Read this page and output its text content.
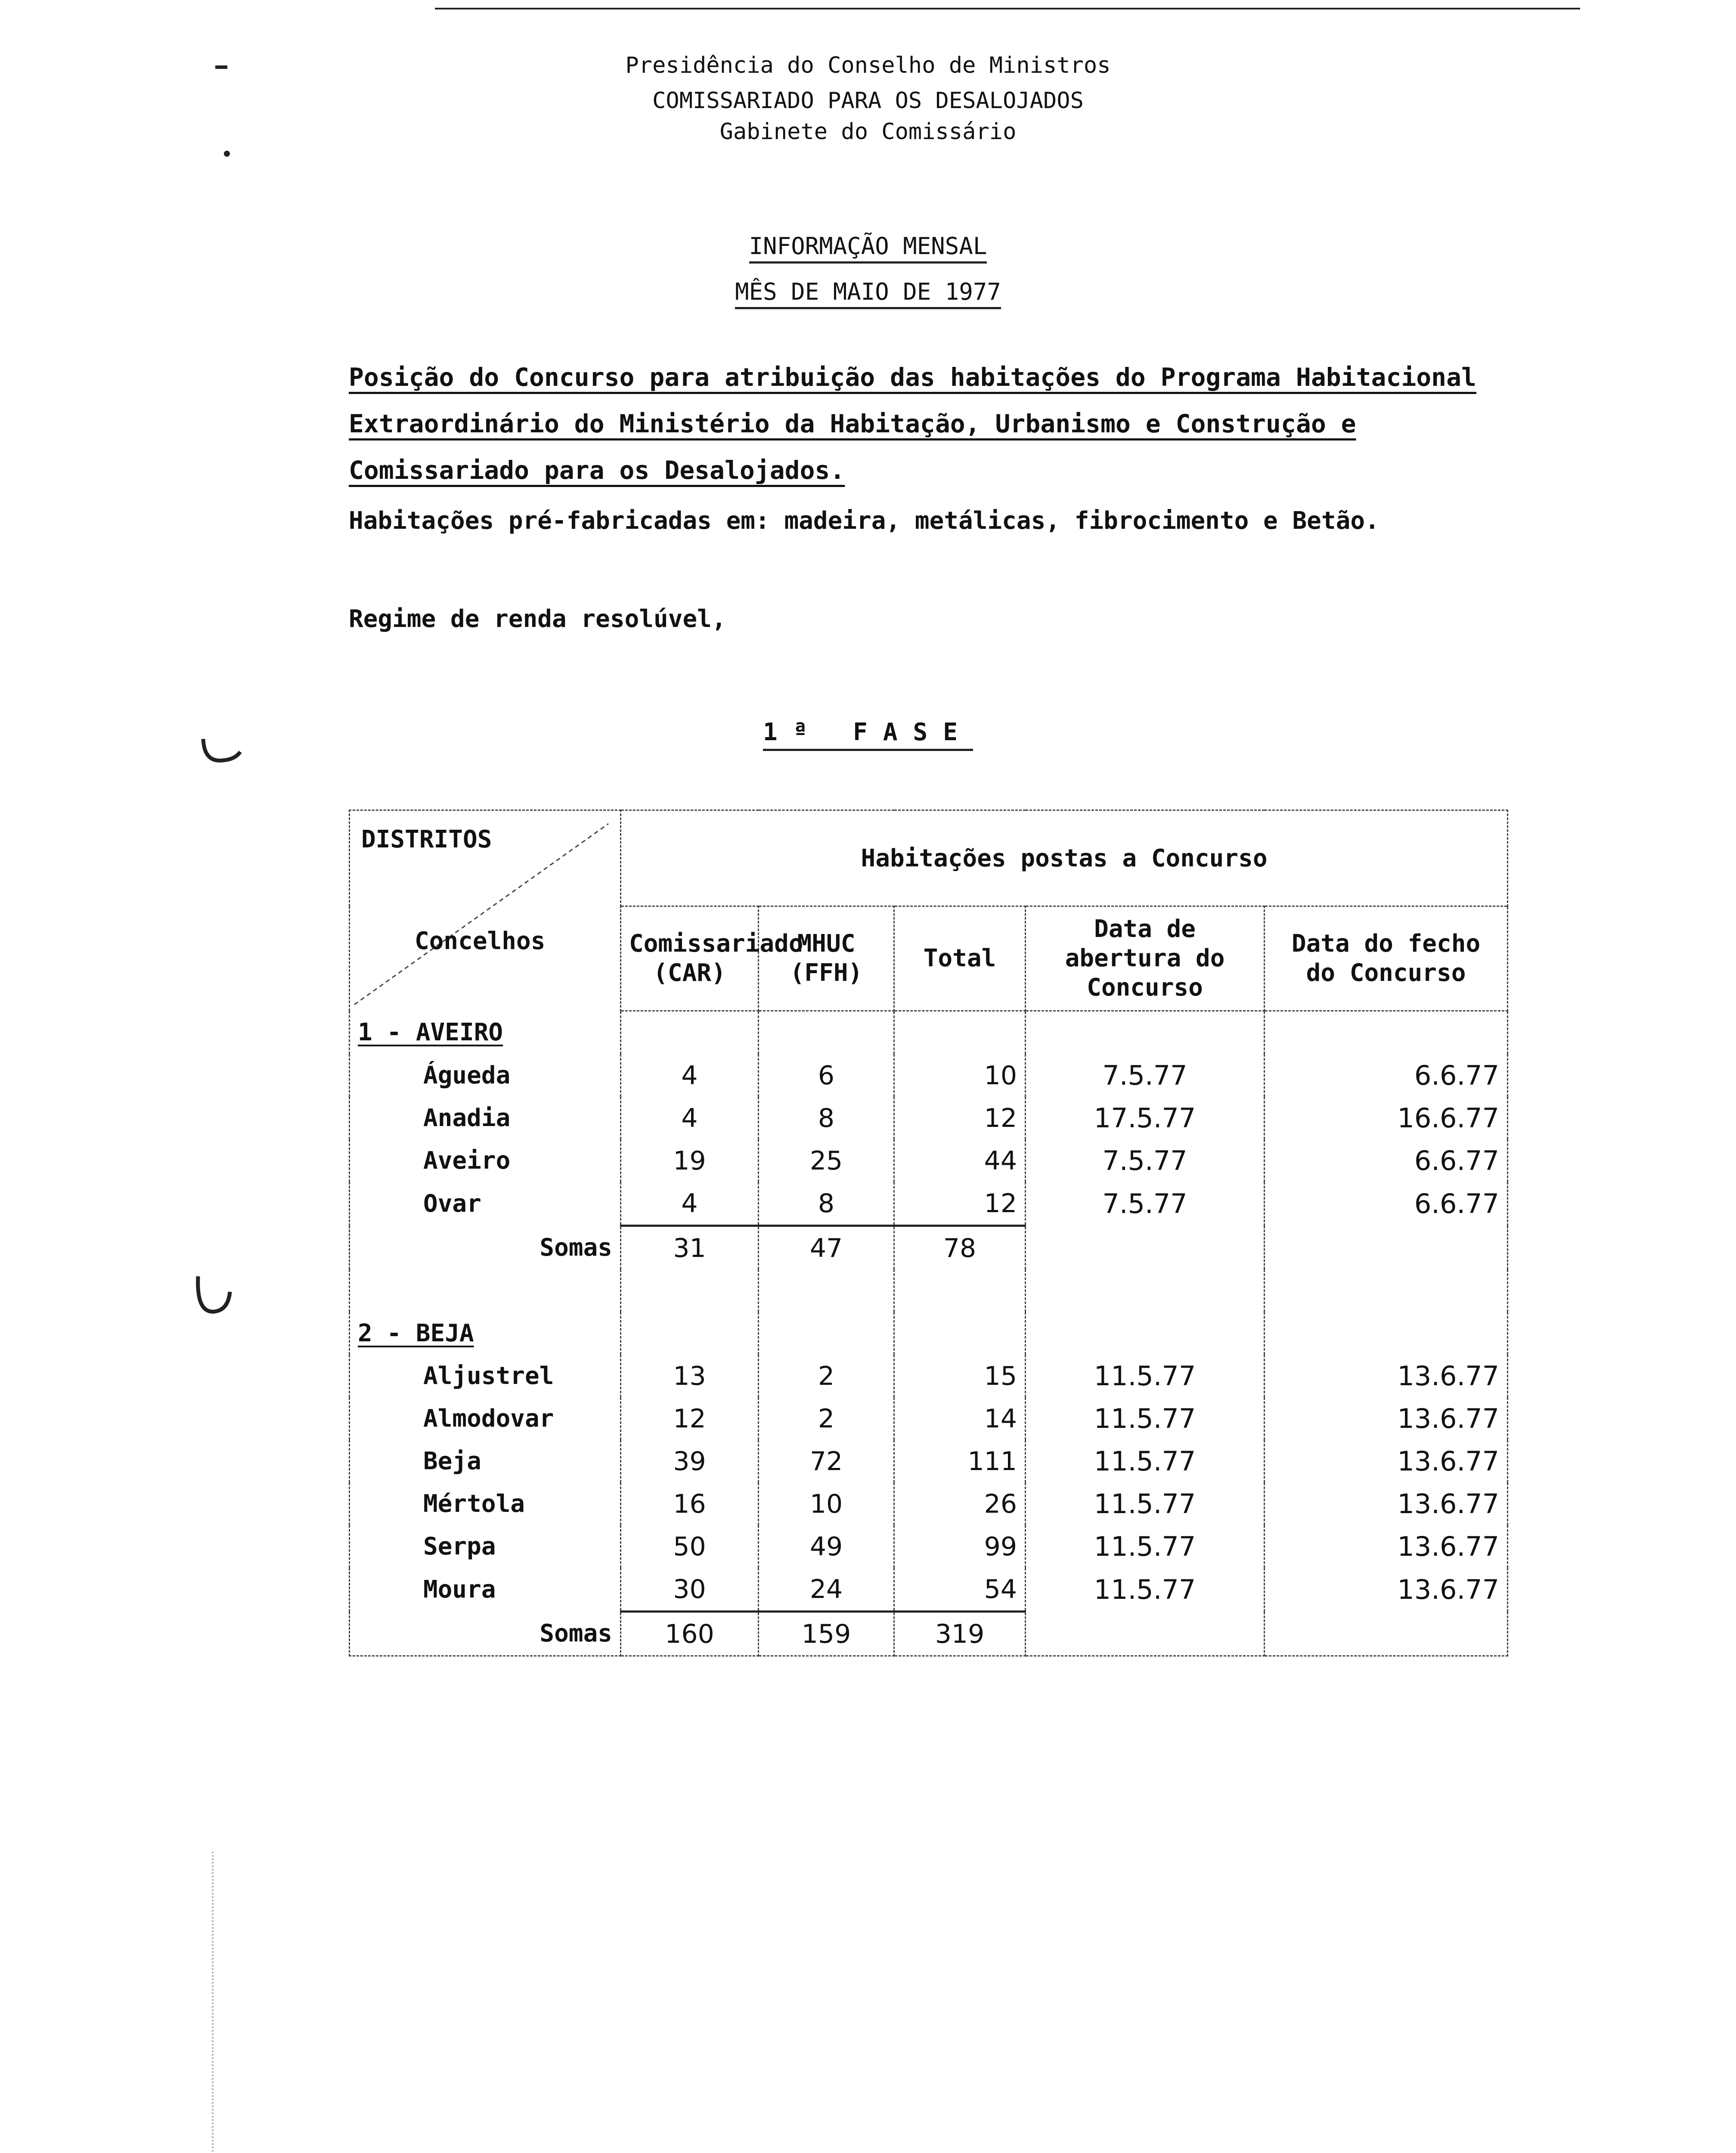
Presidência do Conselho de Ministros
COMISSARIADO PARA OS DESALOJADOS
Gabinete do Comissário
INFORMAÇÃO MENSAL
MÊS DE MAIO DE 1977
Posição do Concurso para atribuição das habitações do Programa Habitacional Extraordinário do Ministério da Habitação, Urbanismo e Construção e Comissariado para os Desalojados.
Habitações pré-fabricadas em: madeira, metálicas, fibrocimento e Betão.
Regime de renda resolúvel,
1ª FASE
DISTRITOS
Concelhos	Habitações postas a Concurso				
	Comissariado (CAR)	MHUC (FFH)	Total	Data de abertura do Concurso	Data do fecho do Concurso
1 - AVEIRO					
Águeda	4	6	10	7.5.77	6.6.77
Anadia	4	8	12	17.5.77	16.6.77
Aveiro	19	25	44	7.5.77	6.6.77
Ovar	4	8	12	7.5.77	6.6.77
Somas	31	47	78		

2 - BEJA					
Aljustrel	13	2	15	11.5.77	13.6.77
Almodovar	12	2	14	11.5.77	13.6.77
Beja	39	72	111	11.5.77	13.6.77
Mértola	16	10	26	11.5.77	13.6.77
Serpa	50	49	99	11.5.77	13.6.77
Moura	30	24	54	11.5.77	13.6.77
Somas	160	159	319		
